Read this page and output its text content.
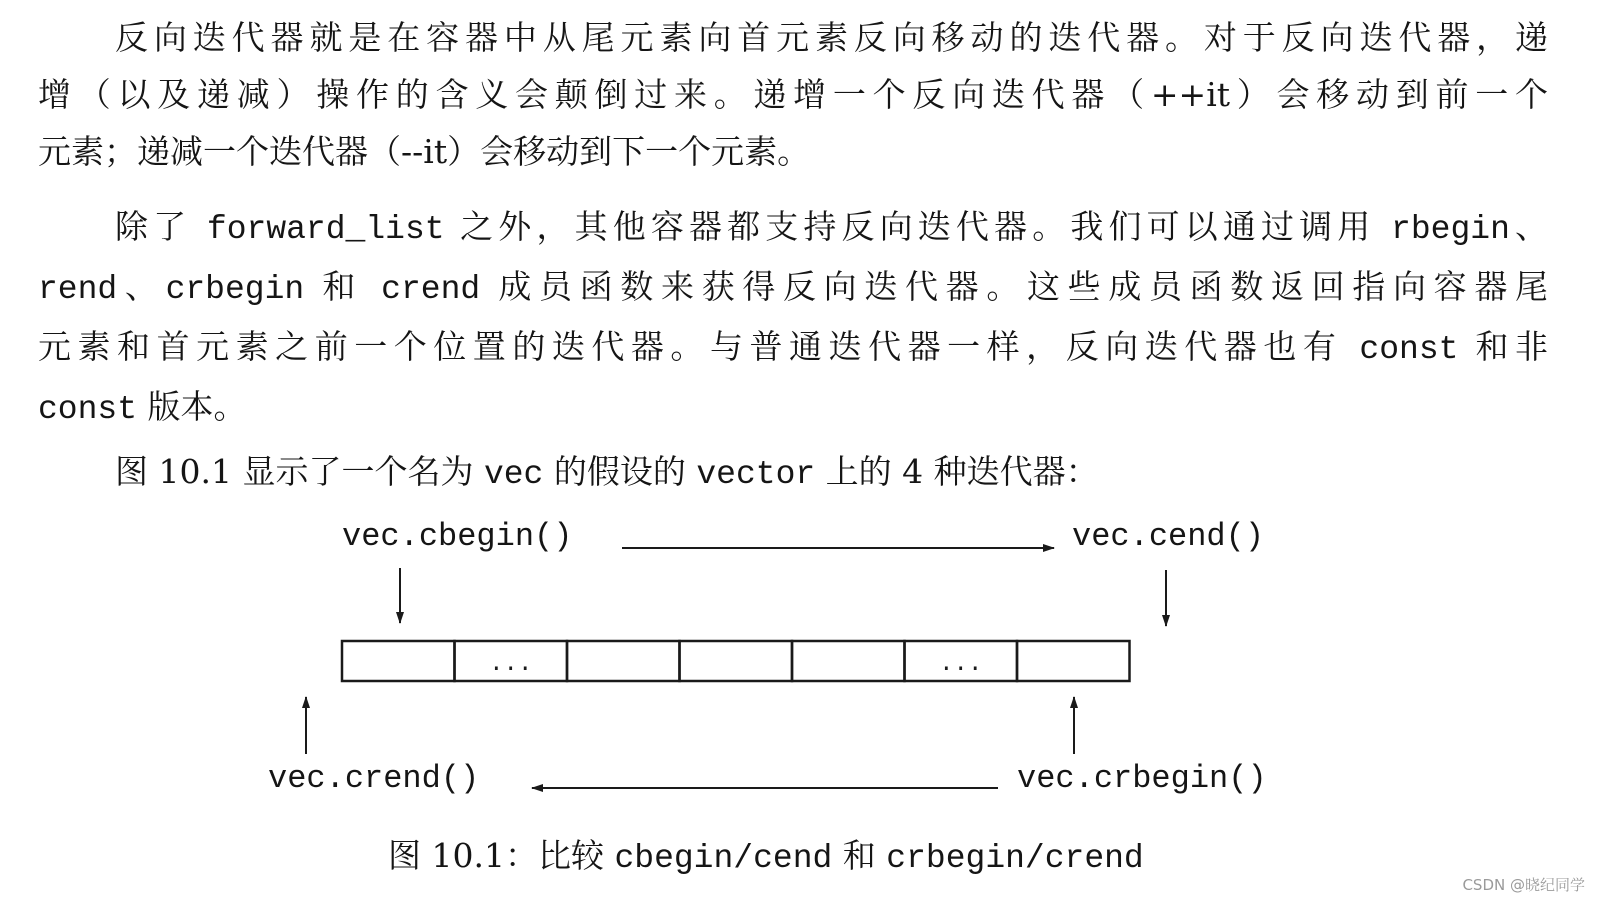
反向迭代器就是在容器中从尾元素向首元素反向移动的迭代器。对于反向迭代器，递
增（以及递减）操作的含义会颠倒过来。递增一个反向迭代器（++it）会移动到前一个
元素；递减一个迭代器（--it）会移动到下一个元素。
除了 forward_list 之外，其他容器都支持反向迭代器。我们可以通过调用 rbegin、
rend、crbegin 和 crend 成员函数来获得反向迭代器。这些成员函数返回指向容器尾
元素和首元素之前一个位置的迭代器。与普通迭代器一样，反向迭代器也有 const 和非
const 版本。
图 10.1 显示了一个名为 vec 的假设的 vector 上的 4 种迭代器：
...	...
vec.cbegin()	vec.cend()
vec.crend()	vec.crbegin()
图 10.1：比较 cbegin/cend 和 crbegin/crend
CSDN @晓纪同学
